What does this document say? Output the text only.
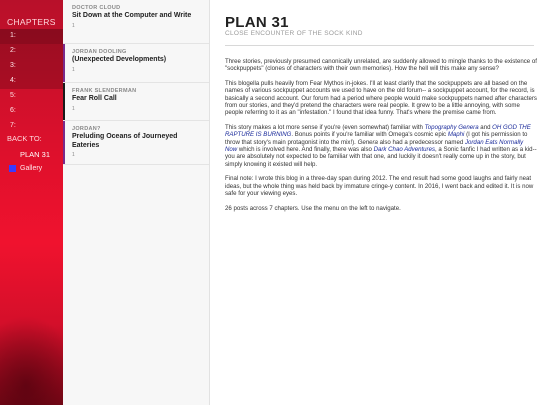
CHAPTERS
1:
2:
3:
4:
5:
6:
7:
BACK TO:
PLAN 31
Gallery
DOCTOR CLOUD
Sit Down at the Computer and Write
1
JORDAN DOOLING
(Unexpected Developments)
1
FRANK SLENDERMAN
Fear Roll Call
1
JORDAN?
Preluding Oceans of Journeyed Eateries
1
PLAN 31
CLOSE ENCOUNTER OF THE SOCK KIND

Three stories, previously presumed canonically unrelated, are suddenly allowed to mingle thanks to the existence of "sockpuppets" (clones of characters with their own memories). How the hell will this make any sense?

This blogella pulls heavily from Fear Mythos in-jokes. I'll at least clarify that the sockpuppets are all based on the names of various sockpuppet accounts we used to have on the old forum-- a sockpuppet account, for the record, is basically a second account. Our forum had a period where people would make sockpuppets named after characters from our stories, and they'd pretend the characters were real people. It grew to be a little annoying, with some people referring to it as an "infestation." I found that idea funny. That's where the premise came from.

This story makes a lot more sense if you're (even somewhat) familiar with Topography Genera and OH GOD THE RAPTURE IS BURNING. Bonus points if you're familiar with Omega's cosmic epic Maphi (I got his permission to throw that story's main protagonist into the mix!). Genera also had a predecessor named Jordan Eats Normally Now which is involved here. And finally, there was also Dark Chao Adventures, a Sonic fanfic I had written as a kid-- you are absolutely not expected to be familiar with that one, and luckily it doesn't really come up in the story, but simply knowing it existed will help.

Final note: I wrote this blog in a three-day span during 2012. The end result had some good laughs and fairly neat ideas, but the whole thing was held back by immature cringe-y content. In 2016, I went back and edited it. It is now safe for your viewing eyes.

26 posts across 7 chapters. Use the menu on the left to navigate.
